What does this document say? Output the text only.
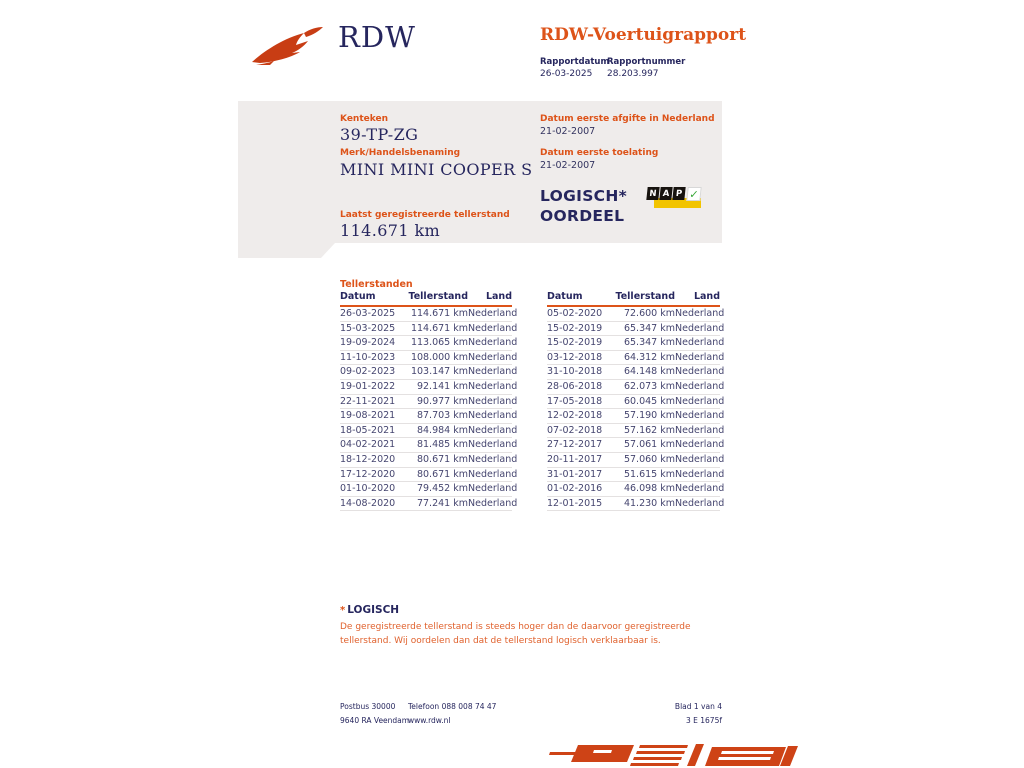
RDW	RDW-Voertuigrapport
Rapportdatum
26-03-2025
Rapportnummer
28.203.997
Kenteken
39-TP-ZG
Merk/Handelsbenaming
MINI MINI COOPER S
Laatst geregistreerde tellerstand
114.671 km
Datum eerste afgifte in Nederland
21-02-2007
Datum eerste toelating
21-02-2007
LOGISCH*
OORDEEL
N A P ✓
Tellerstanden
Datum	Tellerstand	Land
26-03-2025	114.671 km Nederland
15-03-2025	114.671 km Nederland
19-09-2024	113.065 km Nederland
11-10-2023	108.000 km Nederland
09-02-2023	103.147 km Nederland
19-01-2022	92.141 km Nederland
22-11-2021	90.977 km Nederland
19-08-2021	87.703 km Nederland
18-05-2021	84.984 km Nederland
04-02-2021	81.485 km Nederland
18-12-2020	80.671 km Nederland
17-12-2020	80.671 km Nederland
01-10-2020	79.452 km Nederland
14-08-2020	77.241 km Nederland
Datum	Tellerstand	Land
05-02-2020	72.600 km Nederland
15-02-2019	65.347 km Nederland
15-02-2019	65.347 km Nederland
03-12-2018	64.312 km Nederland
31-10-2018	64.148 km Nederland
28-06-2018	62.073 km Nederland
17-05-2018	60.045 km Nederland
12-02-2018	57.190 km Nederland
07-02-2018	57.162 km Nederland
27-12-2017	57.061 km Nederland
20-11-2017	57.060 km Nederland
31-01-2017	51.615 km Nederland
01-02-2016	46.098 km Nederland
12-01-2015	41.230 km Nederland
* LOGISCH
De geregistreerde tellerstand is steeds hoger dan de daarvoor geregistreerde tellerstand. Wij oordelen dan dat de tellerstand logisch verklaarbaar is.
Postbus 30000
9640 RA Veendam
Telefoon 088 008 74 47
www.rdw.nl
Blad 1 van 4
3 E 1675f
